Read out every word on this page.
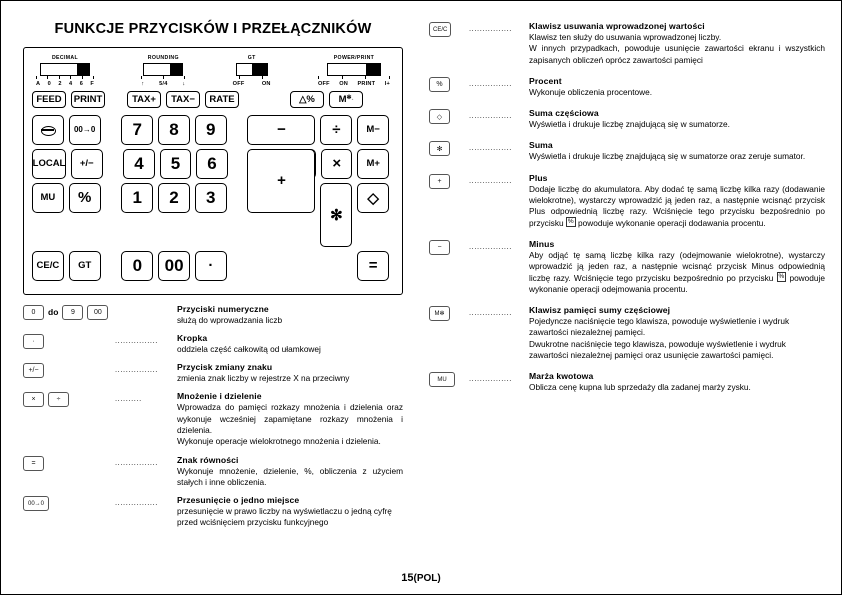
FUNKCJE PRZYCISKÓW I PRZEŁĄCZNIKÓW
DECIMAL
A 0 2 4 6 F
ROUNDING
↑	5/4	↓
GT
OFF	ON
POWER/PRINT
OFF ON PRINT I+
FEED PRINT	TAX+ TAX− RATE	△%	M $✻_◦$
00→0 7 8 9	−	÷	M−
LOCAL +/− 4 5 6	×	M+
MU % 1 2 3
+
✻
◇
CE/C GT 0 00 ·	=
0	do	9	00	Przyciski numeryczne
służą do wprowadzania liczb
·	................	Kropka
oddziela część całkowitą od ułamkowej
+/−	................	Przycisk zmiany znaku
zmienia znak liczby w rejestrze X na przeciwny
×	÷	..........	Mnożenie i dzielenie
Wprowadza do pamięci rozkazy mnożenia i dzielenia oraz wykonuje wcześniej zapamiętane rozkazy mnożenia i dzielenia.
Wykonuje operacje wielokrotnego mnożenia i dzielenia.
=	................	Znak równości
Wykonuje mnożenie, dzielenie, %, obliczenia z użyciem stałych i inne obliczenia.
00→0	................	Przesunięcie o jedno miejsce
przesunięcie w prawo liczby na wyświetlaczu o jedną cyfrę przed wciśnięciem przycisku funkcyjnego
CE/C	................	Klawisz usuwania wprowadzonej wartości
Klawisz ten służy do usuwania wprowadzonej liczby.
W innych przypadkach, powoduje usunięcie zawartości ekranu i wszystkich zapisanych obliczeń oprócz zawartości pamięci
%	................	Procent
Wykonuje obliczenia procentowe.
◇	................	Suma częściowa
Wyświetla i drukuje liczbę znajdującą się w sumatorze.
✻	................	Suma
Wyświetla i drukuje liczbę znajdującą się w sumatorze oraz zeruje sumator.
+	................	Plus
Dodaje liczbę do akumulatora. Aby dodać tę samą liczbę kilka razy (dodawanie wielokrotne), wystarczy wprowadzić ją jeden raz, a następnie wcisnąć przycisk Plus odpowiednią liczbę razy. Wciśnięcie tego przycisku bezpośrednio po przycisku % powoduje wykonanie operacji dodawania procentu.
−	................	Minus
Aby odjąć tę samą liczbę kilka razy (odejmowanie wielokrotne), wystarczy wprowadzić ją jeden raz, a następnie wcisnąć przycisk Minus odpowiednią liczbę razy. Wciśnięcie tego przycisku bezpośrednio po przycisku % powoduje wykonanie operacji odejmowania procentu.
M✻	................	Klawisz pamięci sumy częściowej
Pojedyncze naciśnięcie tego klawisza, powoduje wyświetlenie i wydruk zawartości niezależnej pamięci.
Dwukrotne naciśnięcie tego klawisza, powoduje wyświetlenie i wydruk zawartości niezależnej pamięci oraz usunięcie zawartości pamięci.
MU	................	Marża kwotowa
Oblicza cenę kupna lub sprzedaży dla zadanej marży zysku.
15(POL)
